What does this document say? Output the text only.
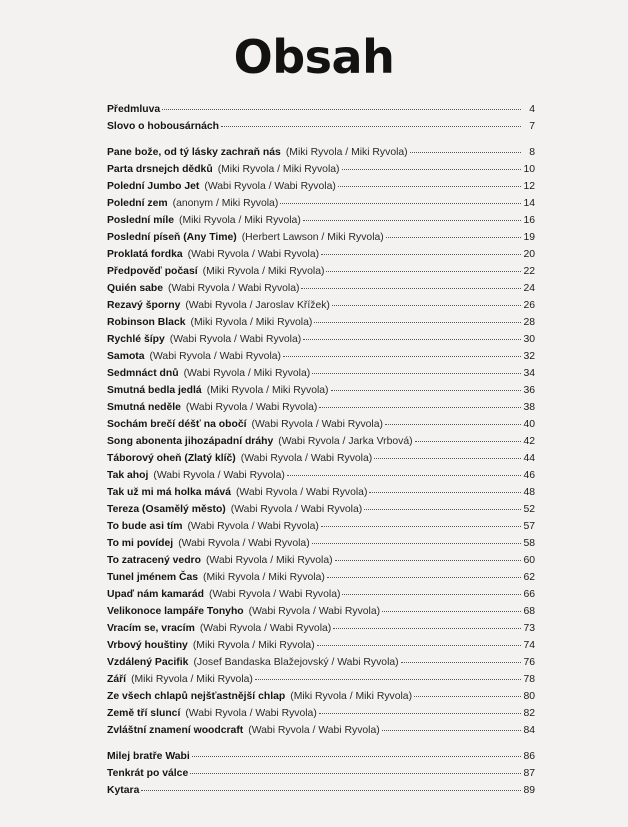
Obsah
Předmluva	4
Slovo o hobousárnách	7
Pane bože, od tý lásky zachraň nás (Miki Ryvola / Miki Ryvola)	8
Parta drsnejch dědků (Miki Ryvola / Miki Ryvola)	10
Polední Jumbo Jet (Wabi Ryvola / Wabi Ryvola)	12
Polední zem (anonym / Miki Ryvola)	14
Poslední míle (Miki Ryvola / Miki Ryvola)	16
Poslední píseň (Any Time) (Herbert Lawson / Miki Ryvola)	19
Proklatá fordka (Wabi Ryvola / Wabi Ryvola)	20
Předpověď počasí (Miki Ryvola / Miki Ryvola)	22
Quién sabe (Wabi Ryvola / Wabi Ryvola)	24
Rezavý šporny (Wabi Ryvola / Jaroslav Křížek)	26
Robinson Black (Miki Ryvola / Miki Ryvola)	28
Rychlé šípy (Wabi Ryvola / Wabi Ryvola)	30
Samota (Wabi Ryvola / Wabi Ryvola)	32
Sedmnáct dnů (Wabi Ryvola / Miki Ryvola)	34
Smutná bedla jedlá (Miki Ryvola / Miki Ryvola)	36
Smutná neděle (Wabi Ryvola / Wabi Ryvola)	38
Sochám brečí déšť na obočí (Wabi Ryvola / Wabi Ryvola)	40
Song abonenta jihozápadní dráhy (Wabi Ryvola / Jarka Vrbová)	42
Táborový oheň (Zlatý klíč) (Wabi Ryvola / Wabi Ryvola)	44
Tak ahoj (Wabi Ryvola / Wabi Ryvola)	46
Tak už mi má holka mává (Wabi Ryvola / Wabi Ryvola)	48
Tereza (Osamělý město) (Wabi Ryvola / Wabi Ryvola)	52
To bude asi tím (Wabi Ryvola / Wabi Ryvola)	57
To mi povídej (Wabi Ryvola / Wabi Ryvola)	58
To zatracený vedro (Wabi Ryvola / Miki Ryvola)	60
Tunel jménem Čas (Miki Ryvola / Miki Ryvola)	62
Upaď nám kamarád (Wabi Ryvola / Wabi Ryvola)	66
Velikonoce lampáře Tonyho (Wabi Ryvola / Wabi Ryvola)	68
Vracím se, vracím (Wabi Ryvola / Wabi Ryvola)	73
Vrbový houštiny (Miki Ryvola / Miki Ryvola)	74
Vzdálený Pacifik (Josef Bandaska Blažejovský / Wabi Ryvola)	76
Září (Miki Ryvola / Miki Ryvola)	78
Ze všech chlapů nejšťastnější chlap (Miki Ryvola / Miki Ryvola)	80
Země tří sluncí (Wabi Ryvola / Wabi Ryvola)	82
Zvláštní znamení woodcraft (Wabi Ryvola / Wabi Ryvola)	84
Milej bratře Wabi	86
Tenkrát po válce	87
Kytara	89
